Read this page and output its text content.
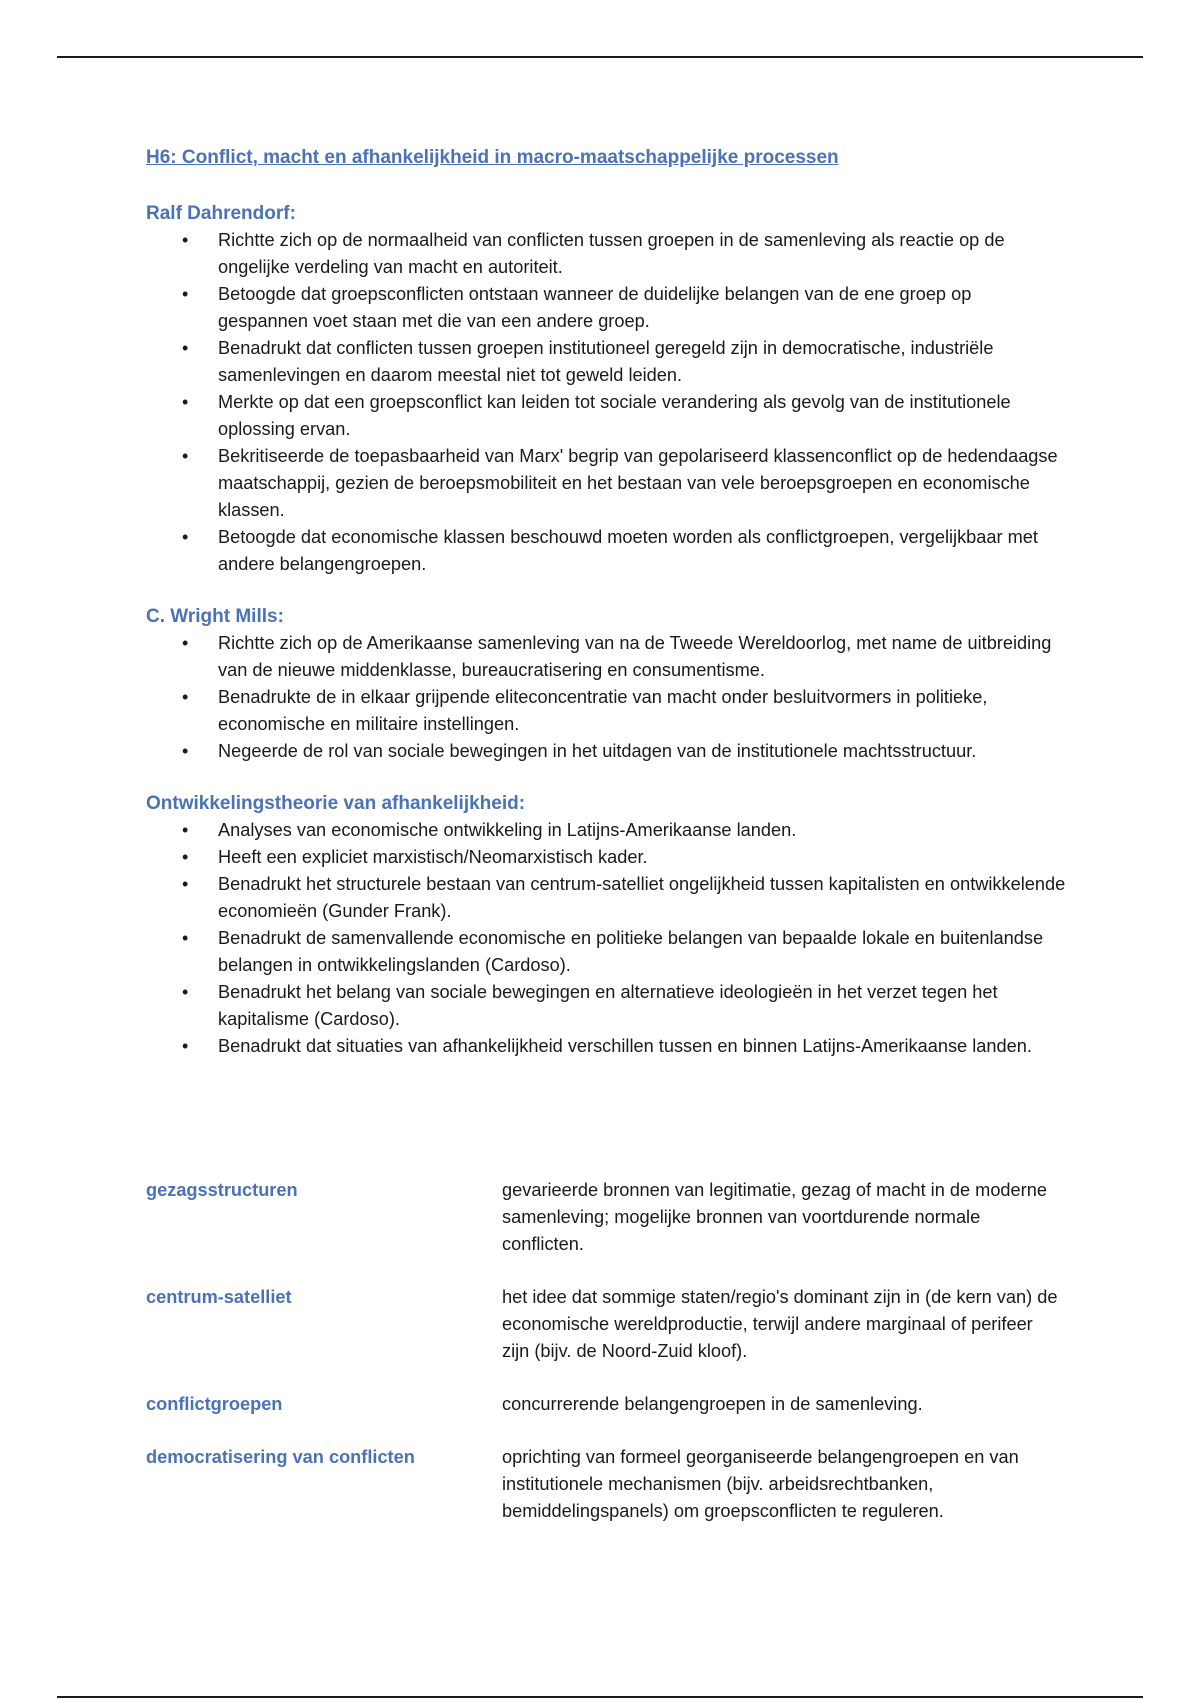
H6: Conflict, macht en afhankelijkheid in macro-maatschappelijke processen
Ralf Dahrendorf:
• Richtte zich op de normaalheid van conflicten tussen groepen in de samenleving als reactie op de ongelijke verdeling van macht en autoriteit.
• Betoogde dat groepsconflicten ontstaan wanneer de duidelijke belangen van de ene groep op gespannen voet staan met die van een andere groep.
• Benadrukt dat conflicten tussen groepen institutioneel geregeld zijn in democratische, industriële samenlevingen en daarom meestal niet tot geweld leiden.
• Merkte op dat een groepsconflict kan leiden tot sociale verandering als gevolg van de institutionele oplossing ervan.
• Bekritiseerde de toepasbaarheid van Marx' begrip van gepolariseerd klassenconflict op de hedendaagse maatschappij, gezien de beroepsmobiliteit en het bestaan van vele beroepsgroepen en economische klassen.
• Betoogde dat economische klassen beschouwd moeten worden als conflictgroepen, vergelijkbaar met andere belangengroepen.
C. Wright Mills:
• Richtte zich op de Amerikaanse samenleving van na de Tweede Wereldoorlog, met name de uitbreiding van de nieuwe middenklasse, bureaucratisering en consumentisme.
• Benadrukte de in elkaar grijpende eliteconcentratie van macht onder besluitvormers in politieke, economische en militaire instellingen.
• Negeerde de rol van sociale bewegingen in het uitdagen van de institutionele machtsstructuur.
Ontwikkelingstheorie van afhankelijkheid:
• Analyses van economische ontwikkeling in Latijns-Amerikaanse landen.
• Heeft een expliciet marxistisch/Neomarxistisch kader.
• Benadrukt het structurele bestaan van centrum-satelliet ongelijkheid tussen kapitalisten en ontwikkelende economieën (Gunder Frank).
• Benadrukt de samenvallende economische en politieke belangen van bepaalde lokale en buitenlandse belangen in ontwikkelingslanden (Cardoso).
• Benadrukt het belang van sociale bewegingen en alternatieve ideologieën in het verzet tegen het kapitalisme (Cardoso).
• Benadrukt dat situaties van afhankelijkheid verschillen tussen en binnen Latijns-Amerikaanse landen.
gezagsstructuren	gevarieerde bronnen van legitimatie, gezag of macht in de moderne samenleving; mogelijke bronnen van voortdurende normale conflicten.
centrum-satelliet	het idee dat sommige staten/regio's dominant zijn in (de kern van) de economische wereldproductie, terwijl andere marginaal of perifeer zijn (bijv. de Noord-Zuid kloof).
conflictgroepen	concurrerende belangengroepen in de samenleving.
democratisering van conflicten	oprichting van formeel georganiseerde belangengroepen en van institutionele mechanismen (bijv. arbeidsrechtbanken, bemiddelingspanels) om groepsconflicten te reguleren.
